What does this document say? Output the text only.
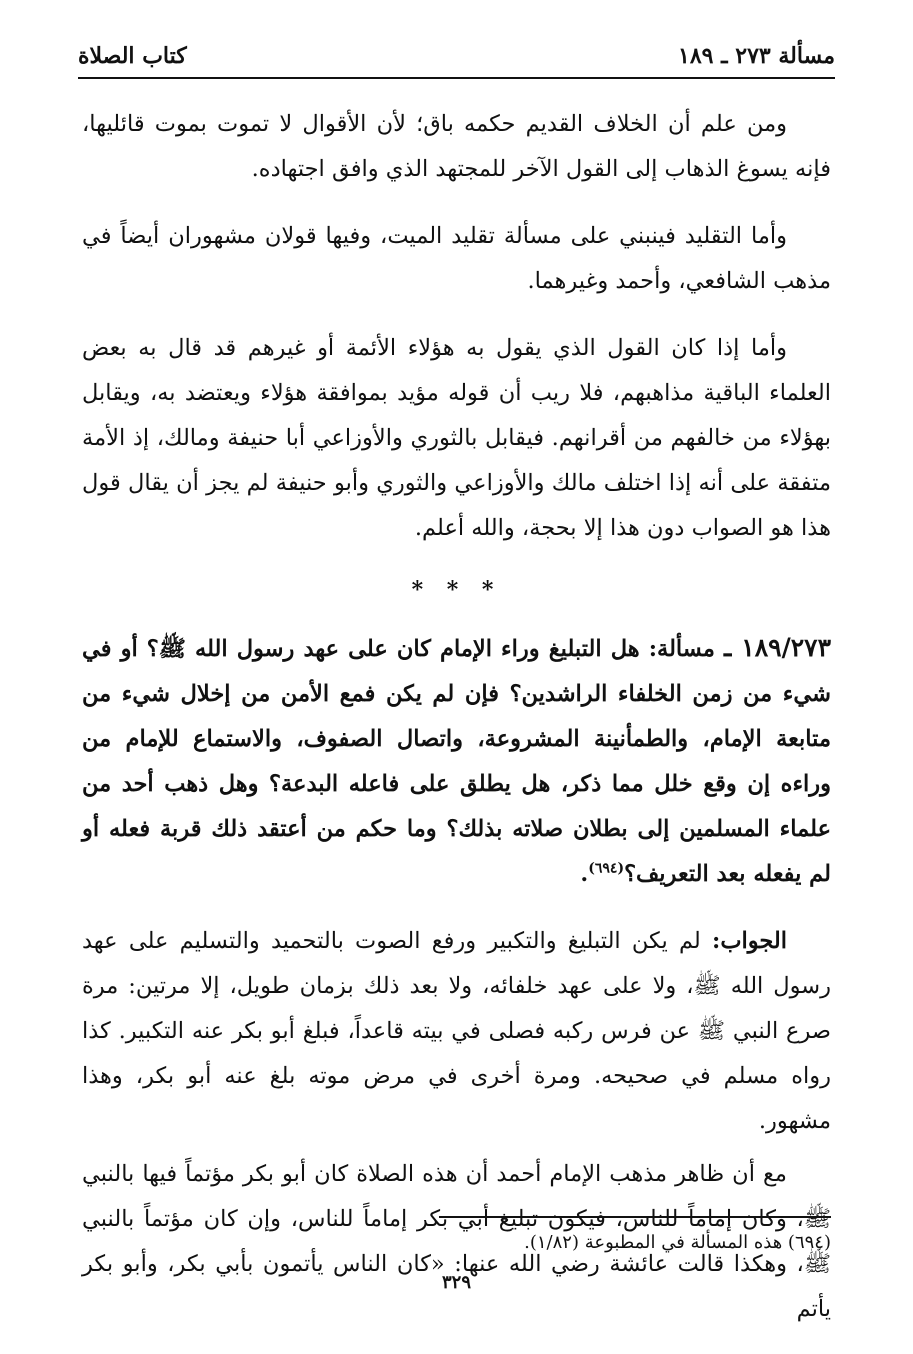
مسألة ٢٧٣ ـ ١٨٩
كتاب الصلاة

ومن علم أن الخلاف القديم حكمه باق؛ لأن الأقوال لا تموت بموت قائليها، فإنه يسوغ الذهاب إلى القول الآخر للمجتهد الذي وافق اجتهاده.

وأما التقليد فينبني على مسألة تقليد الميت، وفيها قولان مشهوران أيضاً في مذهب الشافعي، وأحمد وغيرهما.

وأما إذا كان القول الذي يقول به هؤلاء الأئمة أو غيرهم قد قال به بعض العلماء الباقية مذاهبهم، فلا ريب أن قوله مؤيد بموافقة هؤلاء ويعتضد به، ويقابل بهؤلاء من خالفهم من أقرانهم. فيقابل بالثوري والأوزاعي أبا حنيفة ومالك، إذ الأمة متفقة على أنه إذا اختلف مالك والأوزاعي والثوري وأبو حنيفة لم يجز أن يقال قول هذا هو الصواب دون هذا إلا بحجة، والله أعلم.

* * *

١٨٩/٢٧٣ ـ مسألة: هل التبليغ وراء الإمام كان على عهد رسول الله ﷺ؟ أو في شيء من زمن الخلفاء الراشدين؟ فإن لم يكن فمع الأمن من إخلال شيء من متابعة الإمام، والطمأنينة المشروعة، واتصال الصفوف، والاستماع للإمام من وراءه إن وقع خلل مما ذكر، هل يطلق على فاعله البدعة؟ وهل ذهب أحد من علماء المسلمين إلى بطلان صلاته بذلك؟ وما حكم من أعتقد ذلك قربة فعله أو لم يفعله بعد التعريف؟$^{(٦٩٤)}$.

الجواب: لم يكن التبليغ والتكبير ورفع الصوت بالتحميد والتسليم على عهد رسول الله ﷺ، ولا على عهد خلفائه، ولا بعد ذلك بزمان طويل، إلا مرتين: مرة صرع النبي ﷺ عن فرس ركبه فصلى في بيته قاعداً، فبلغ أبو بكر عنه التكبير. كذا رواه مسلم في صحيحه. ومرة أخرى في مرض موته بلغ عنه أبو بكر، وهذا مشهور.

مع أن ظاهر مذهب الإمام أحمد أن هذه الصلاة كان أبو بكر مؤتماً فيها بالنبي ﷺ، وكان إماماً للناس، فيكون تبليغ أبي بكر إماماً للناس، وإن كان مؤتماً بالنبي ﷺ، وهكذا قالت عائشة رضي الله عنها: «كان الناس يأتمون بأبي بكر، وأبو بكر يأتم

(٦٩٤) هذه المسألة في المطبوعة (١/٨٢).
٣٢٩
